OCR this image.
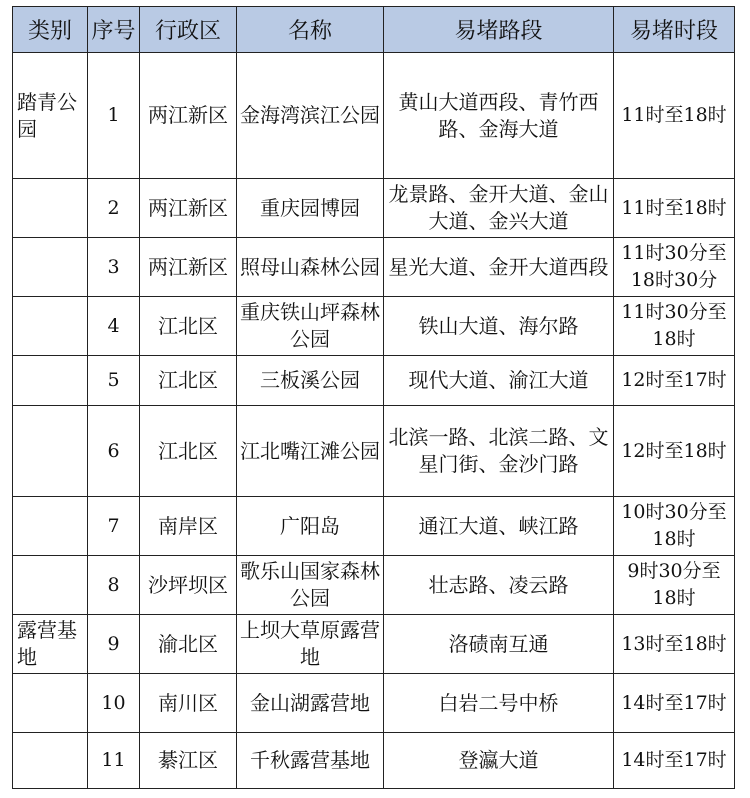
类别	序号	行政区	名称	易堵路段	易堵时段
踏青公园	1	两江新区	金海湾滨江公园	黄山大道西段、青竹西路、金海大道	11时至18时
	2	两江新区	重庆园博园	龙景路、金开大道、金山大道、金兴大道	11时至18时
	3	两江新区	照母山森林公园	星光大道、金开大道西段	11时30分至18时30分

	4	江北区	重庆铁山坪森林公园	铁山大道、海尔路	11时30分至18时

	5	江北区	三板溪公园	现代大道、渝江大道	12时至17时
	6	江北区	江北嘴江滩公园	北滨一路、北滨二路、文星门街、金沙门路	12时至18时
	7	南岸区	广阳岛	通江大道、峡江路	10时30分至18时

	8	沙坪坝区	歌乐山国家森林公园	壮志路、凌云路	9时30分至18时

露营基地	9	渝北区	上坝大草原露营地	洛碛南互通	13时至18时
	10	南川区	金山湖露营地	白岩二号中桥	14时至17时
	11	綦江区	千秋露营基地	登瀛大道	14时至17时
